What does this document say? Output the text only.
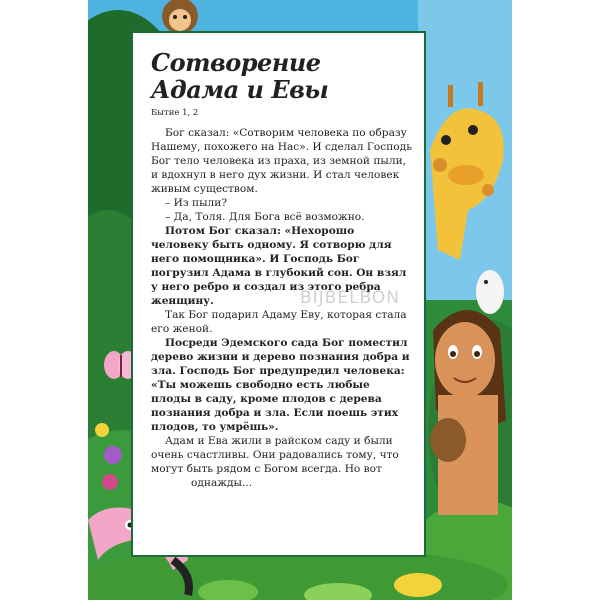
Сотворение
Адама и Евы
Бытие 1, 2

Бог сказал: «Сотворим человека по образу Нашему, похожего на Нас». И сделал Господь Бог тело человека из праха, из земной пыли, и вдохнул в него дух жизни. И стал человек живым существом.

– Из пыли?

– Да, Толя. Для Бога всё возможно.

Потом Бог сказал: «Нехорошо человеку быть одному. Я сотворю для него помощника». И Господь Бог погрузил Адама в глубокий сон. Он взял у него ребро и создал из этого ребра женщину.

Так Бог подарил Адаму Еву, которая стала его женой.

Посреди Эдемского сада Бог поместил дерево жизни и дерево познания добра и зла. Господь Бог предупредил человека: «Ты можешь свободно есть любые плоды в саду, кроме плодов с дерева познания добра и зла. Если поешь этих плодов, то умрёшь».

Адам и Ева жили в райском саду и были очень счастливы. Они радовались тому, что могут быть рядом с Богом всегда. Но вот

однажды...

BIJBELBON
